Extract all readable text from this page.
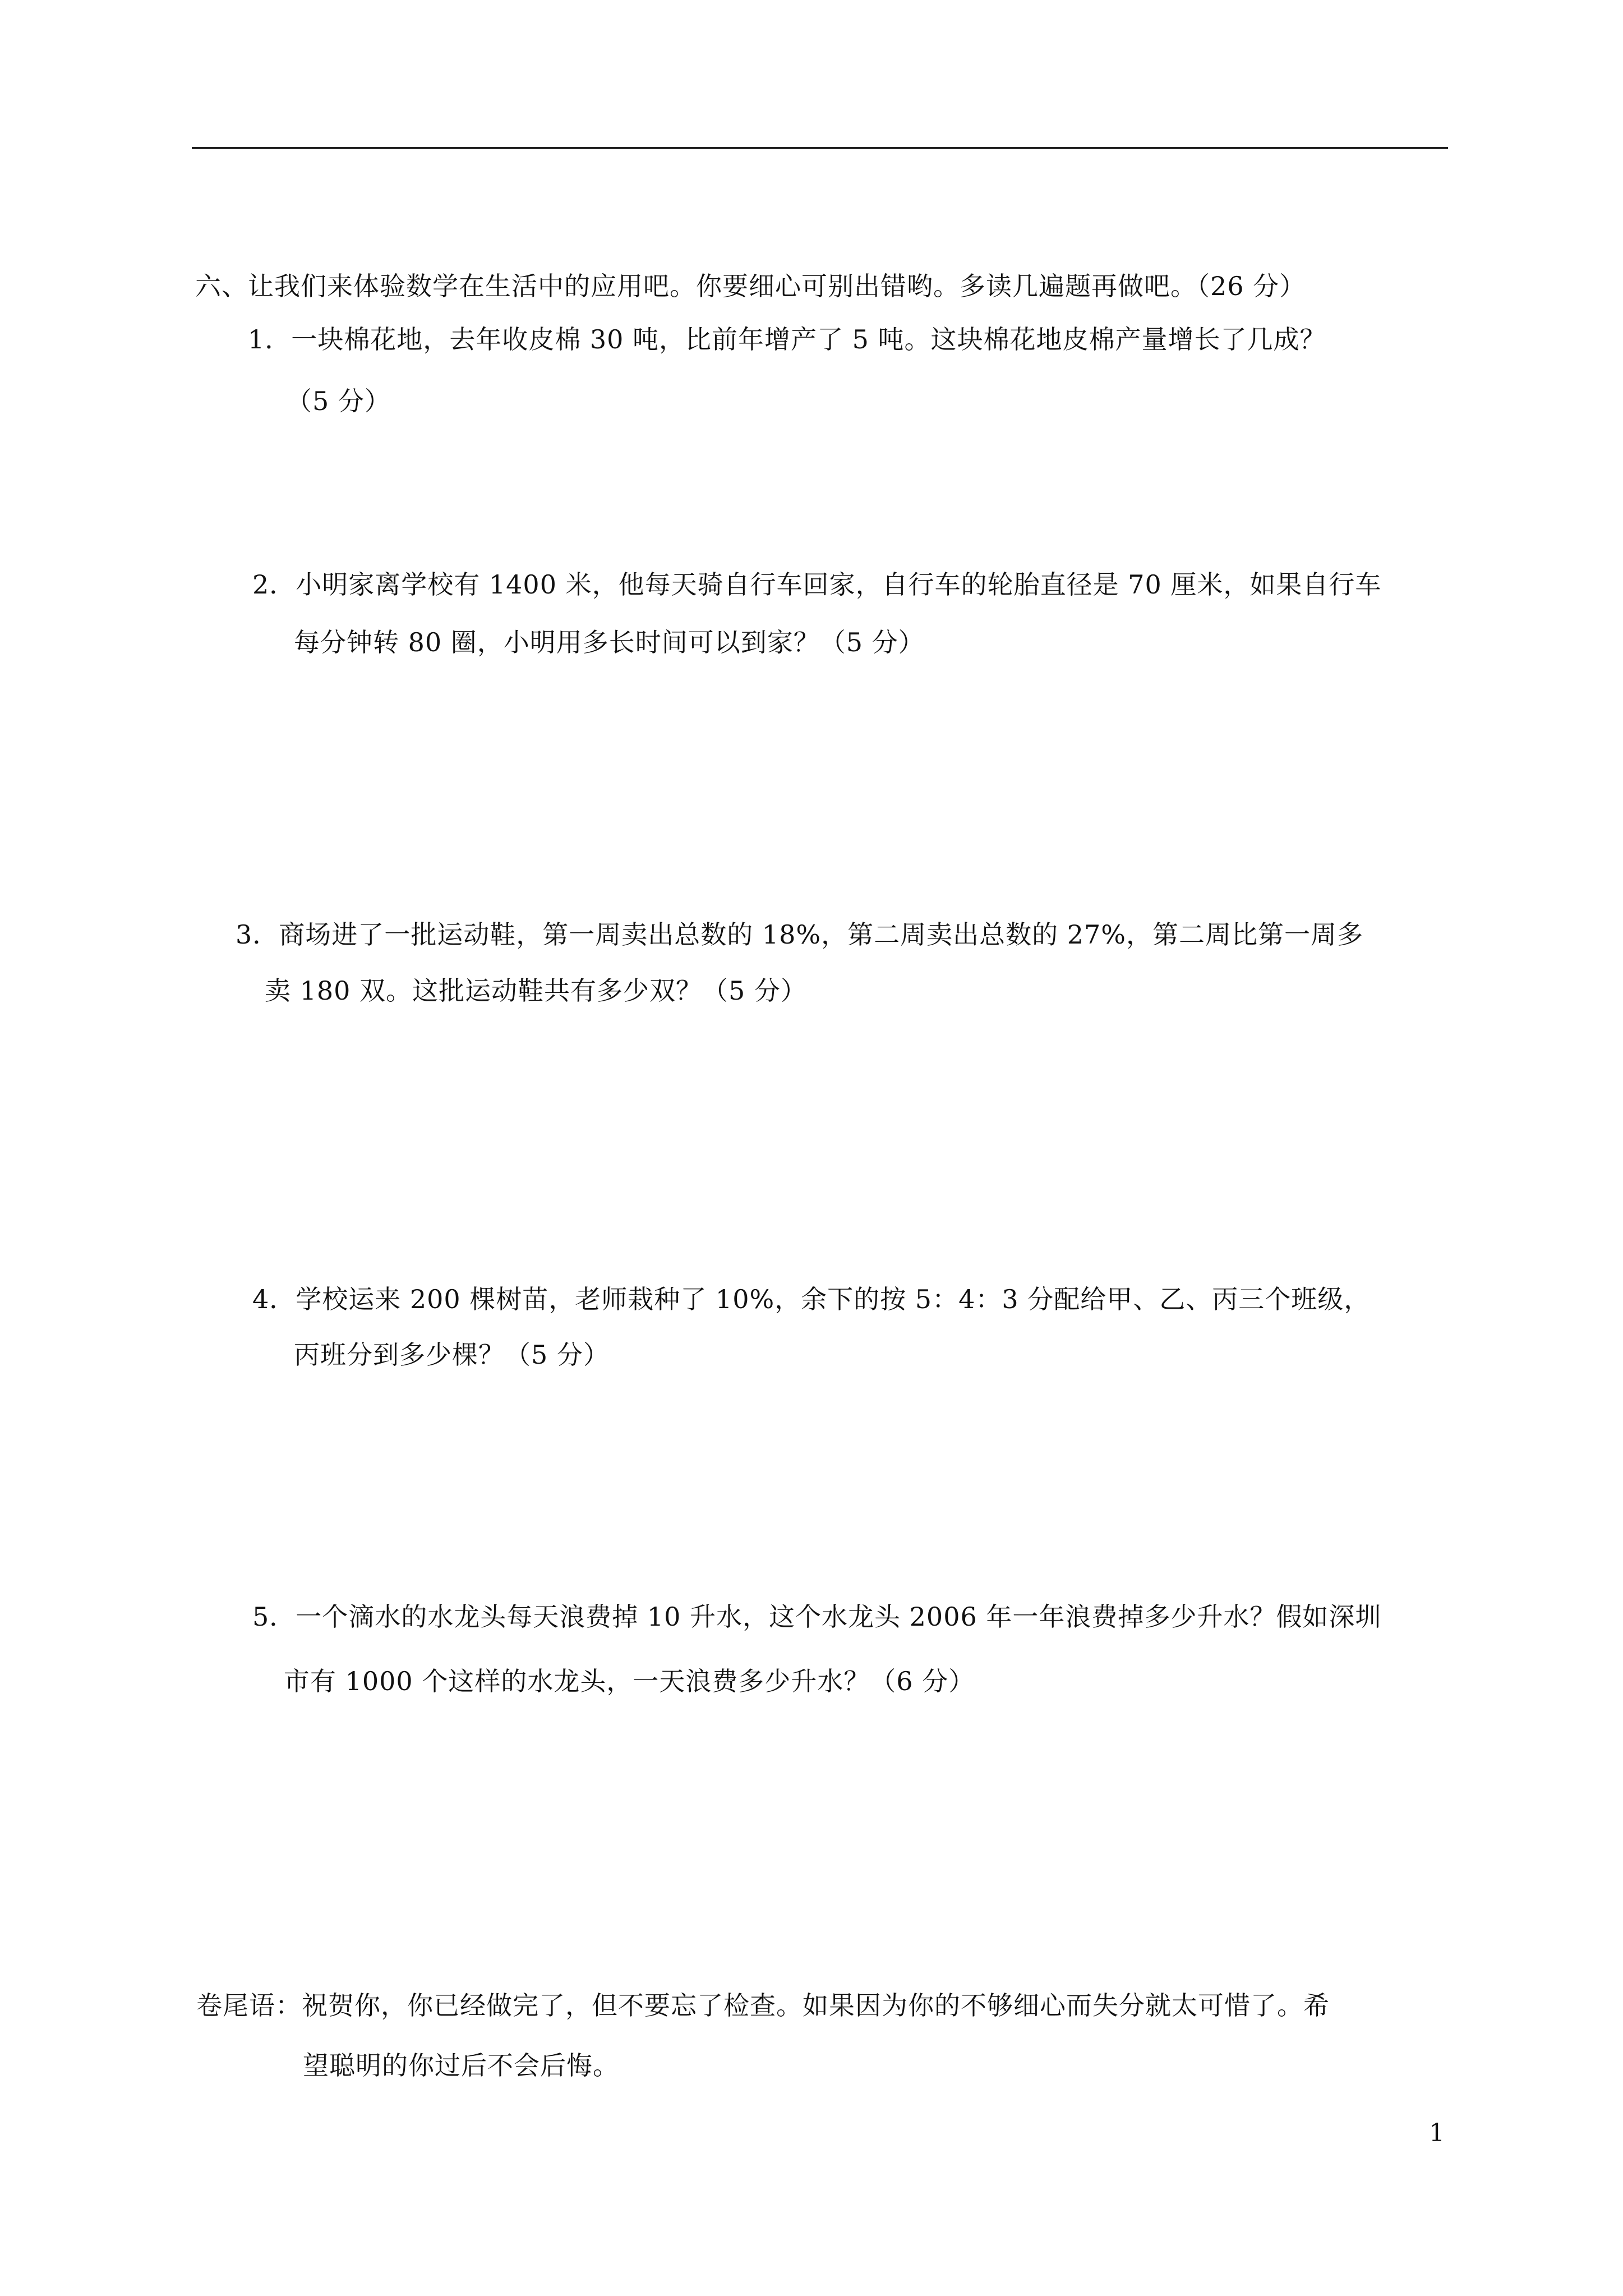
六、让我们来体验数学在生活中的应用吧。你要细心可别出错哟。多读几遍题再做吧。（26 分）
1．一块棉花地，去年收皮棉 30 吨，比前年增产了 5 吨。这块棉花地皮棉产量增长了几成？
（5 分）
2．小明家离学校有 1400 米，他每天骑自行车回家，自行车的轮胎直径是 70 厘米，如果自行车
每分钟转 80 圈，小明用多长时间可以到家？（5 分）
3．商场进了一批运动鞋，第一周卖出总数的 18%，第二周卖出总数的 27%，第二周比第一周多
卖 180 双。这批运动鞋共有多少双？（5 分）
4．学校运来 200 棵树苗，老师栽种了 10%，余下的按 5：4：3 分配给甲、乙、丙三个班级，
丙班分到多少棵？（5 分）
5．一个滴水的水龙头每天浪费掉 10 升水，这个水龙头 2006 年一年浪费掉多少升水？假如深圳
市有 1000 个这样的水龙头，一天浪费多少升水？（6 分）
卷尾语：祝贺你，你已经做完了，但不要忘了检查。如果因为你的不够细心而失分就太可惜了。希
望聪明的你过后不会后悔。
1
